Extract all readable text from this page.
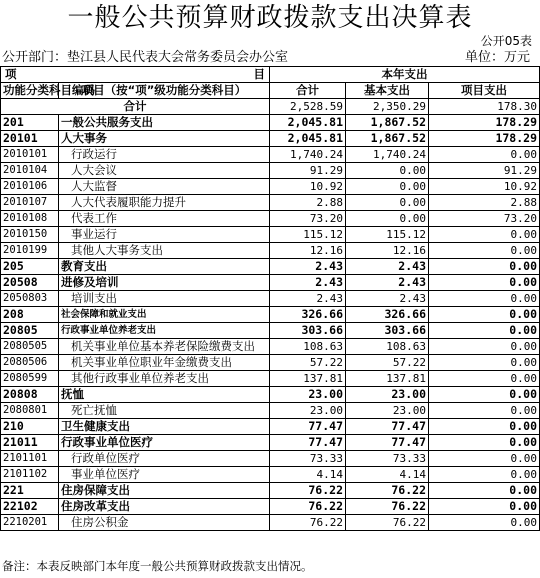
一般公共预算财政拨款支出决算表
公开05表
公开部门：垫江县人民代表大会常务委员会办公室	单位：万元
项 目		本年支出		
功能分类科目编码	项目（按“项”级功能分类科目）	合计	基本支出	项目支出
合计		2,528.59	2,350.29	178.30
201	一般公共服务支出	2,045.81	1,867.52	178.29
20101	人大事务	2,045.81	1,867.52	178.29
2010101	行政运行	1,740.24	1,740.24	0.00
2010104	人大会议	91.29	0.00	91.29
2010106	人大监督	10.92	0.00	10.92
2010107	人大代表履职能力提升	2.88	0.00	2.88
2010108	代表工作	73.20	0.00	73.20
2010150	事业运行	115.12	115.12	0.00
2010199	其他人大事务支出	12.16	12.16	0.00
205	教育支出	2.43	2.43	0.00
20508	进修及培训	2.43	2.43	0.00
2050803	培训支出	2.43	2.43	0.00
208	社会保障和就业支出	326.66	326.66	0.00
20805	行政事业单位养老支出	303.66	303.66	0.00
2080505	机关事业单位基本养老保险缴费支出	108.63	108.63	0.00
2080506	机关事业单位职业年金缴费支出	57.22	57.22	0.00
2080599	其他行政事业单位养老支出	137.81	137.81	0.00
20808	抚恤	23.00	23.00	0.00
2080801	死亡抚恤	23.00	23.00	0.00
210	卫生健康支出	77.47	77.47	0.00
21011	行政事业单位医疗	77.47	77.47	0.00
2101101	行政单位医疗	73.33	73.33	0.00
2101102	事业单位医疗	4.14	4.14	0.00
221	住房保障支出	76.22	76.22	0.00
22102	住房改革支出	76.22	76.22	0.00
2210201	住房公积金	76.22	76.22	0.00
备注：本表反映部门本年度一般公共预算财政拨款支出情况。
